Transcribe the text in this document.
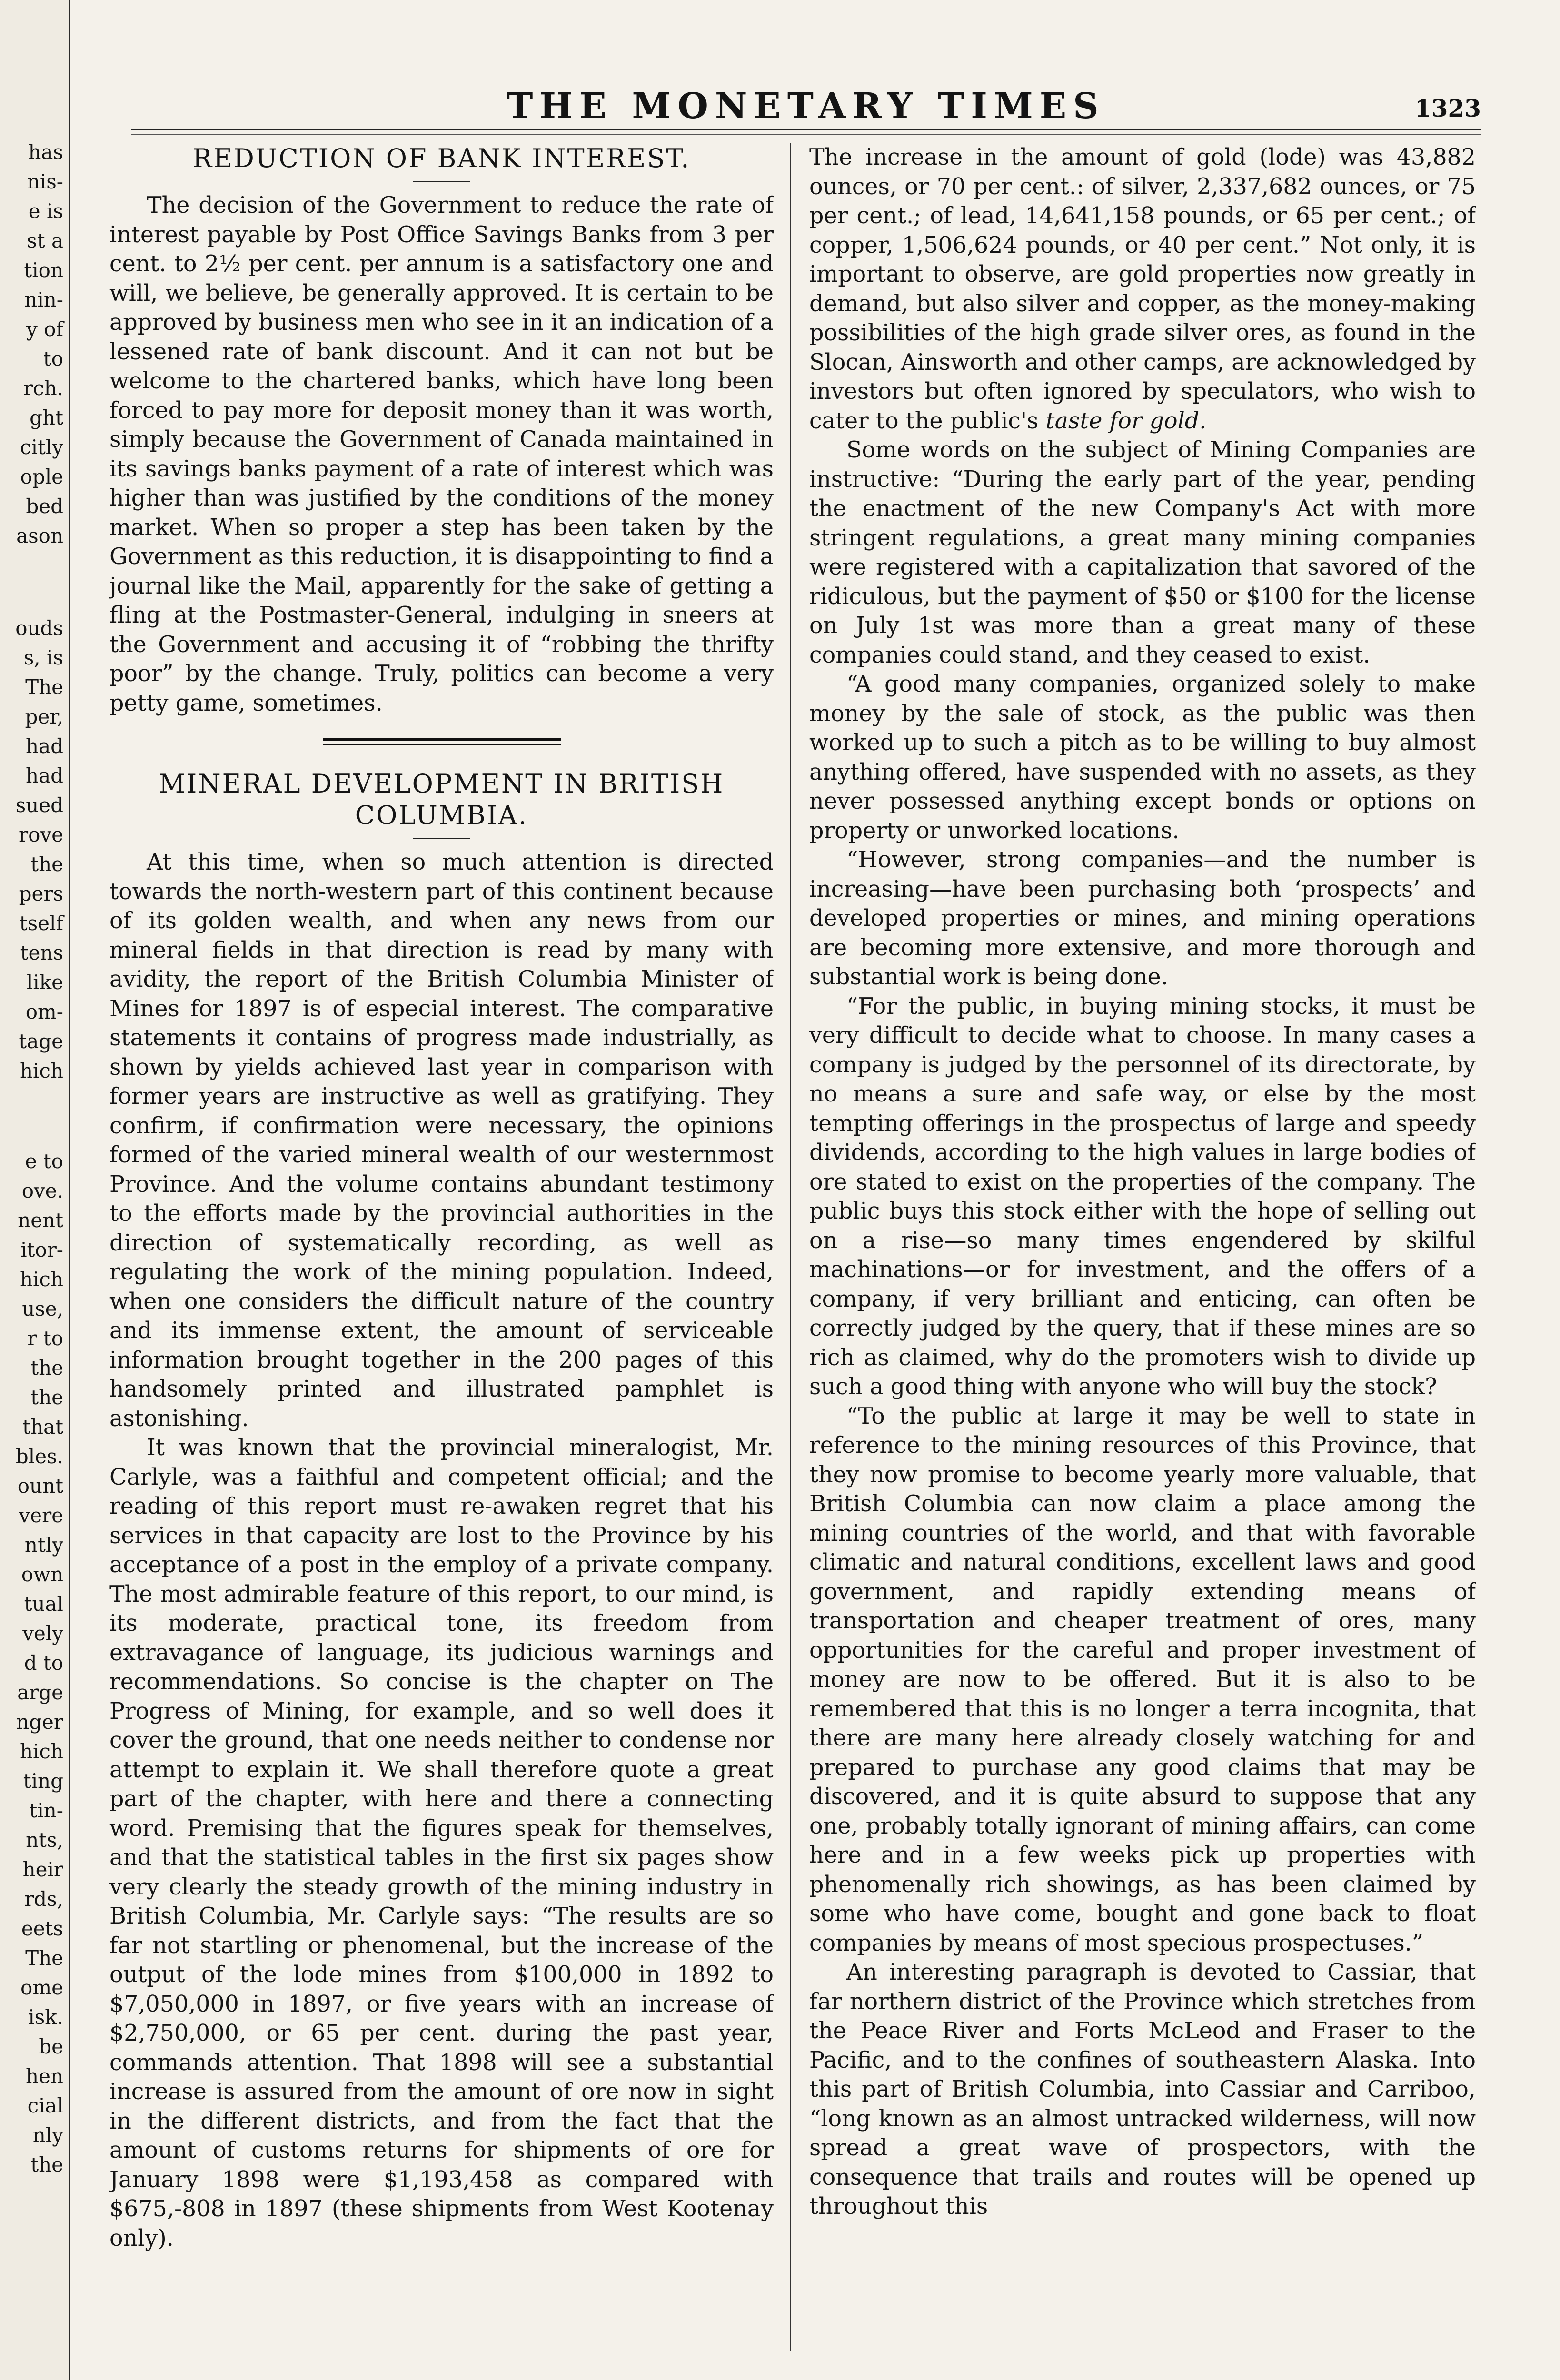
has
nis-
e is
st a
tion
nin-
y of
to
rch.
ght
citly
ople
bed
ason
ouds
s, is
The
per,
had
had
sued
rove
the
pers
tself
tens
like
om-
tage
hich
e to
ove.
nent
itor-
hich
use,
r to
the
the
that
bles.
ount
vere
ntly
own
tual
vely
d to
arge
nger
hich
ting
tin-
nts,
heir
rds,
eets
The
ome
isk.
be
hen
cial
nly
the
THE MONETARY TIMES	1323
REDUCTION OF BANK INTEREST.

The decision of the Government to reduce the rate of interest payable by Post Office Savings Banks from 3 per cent. to 2½ per cent. per annum is a satisfactory one and will, we believe, be generally approved. It is certain to be approved by business men who see in it an indication of a lessened rate of bank discount. And it can not but be welcome to the chartered banks, which have long been forced to pay more for deposit money than it was worth, simply because the Government of Canada maintained in its savings banks payment of a rate of interest which was higher than was justified by the conditions of the money market. When so proper a step has been taken by the Government as this reduction, it is disappointing to find a journal like the Mail, apparently for the sake of getting a fling at the Postmaster-General, indulging in sneers at the Government and accusing it of “robbing the thrifty poor” by the change. Truly, politics can become a very petty game, sometimes.

MINERAL DEVELOPMENT IN BRITISH
COLUMBIA.

At this time, when so much attention is directed towards the north-western part of this continent because of its golden wealth, and when any news from our mineral fields in that direction is read by many with avidity, the report of the British Columbia Minister of Mines for 1897 is of especial interest. The comparative statements it contains of progress made industrially, as shown by yields achieved last year in comparison with former years are instructive as well as gratifying. They confirm, if confirmation were necessary, the opinions formed of the varied mineral wealth of our westernmost Province. And the volume contains abundant testimony to the efforts made by the provincial authorities in the direction of systematically recording, as well as regulating the work of the mining population. Indeed, when one considers the difficult nature of the country and its immense extent, the amount of serviceable information brought together in the 200 pages of this handsomely printed and illustrated pamphlet is astonishing.

It was known that the provincial mineralogist, Mr. Carlyle, was a faithful and competent official; and the reading of this report must re-awaken regret that his services in that capacity are lost to the Province by his acceptance of a post in the employ of a private company. The most admirable feature of this report, to our mind, is its moderate, practical tone, its freedom from extravagance of language, its judicious warnings and recommendations. So concise is the chapter on The Progress of Mining, for example, and so well does it cover the ground, that one needs neither to condense nor attempt to explain it. We shall therefore quote a great part of the chapter, with here and there a connecting word. Premising that the figures speak for themselves, and that the statistical tables in the first six pages show very clearly the steady growth of the mining industry in British Columbia, Mr. Carlyle says: “The results are so far not startling or phenomenal, but the increase of the output of the lode mines from $100,000 in 1892 to $7,050,000 in 1897, or five years with an increase of $2,750,000, or 65 per cent. during the past year, commands attention. That 1898 will see a substantial increase is assured from the amount of ore now in sight in the different districts, and from the fact that the amount of customs returns for shipments of ore for January 1898 were $1,193,458 as compared with $675,-808 in 1897 (these shipments from West Kootenay only).

The increase in the amount of gold (lode) was 43,882 ounces, or 70 per cent.: of silver, 2,337,682 ounces, or 75 per cent.; of lead, 14,641,158 pounds, or 65 per cent.; of copper, 1,506,624 pounds, or 40 per cent.” Not only, it is important to observe, are gold properties now greatly in demand, but also silver and copper, as the money-making possibilities of the high grade silver ores, as found in the Slocan, Ainsworth and other camps, are acknowledged by investors but often ignored by speculators, who wish to cater to the public's taste for gold.

Some words on the subject of Mining Companies are instructive: “During the early part of the year, pending the enactment of the new Company's Act with more stringent regulations, a great many mining companies were registered with a capitalization that savored of the ridiculous, but the payment of $50 or $100 for the license on July 1st was more than a great many of these companies could stand, and they ceased to exist.

“A good many companies, organized solely to make money by the sale of stock, as the public was then worked up to such a pitch as to be willing to buy almost anything offered, have suspended with no assets, as they never possessed anything except bonds or options on property or unworked locations.

“However, strong companies—and the number is increasing—have been purchasing both ‘prospects’ and developed properties or mines, and mining operations are becoming more extensive, and more thorough and substantial work is being done.

“For the public, in buying mining stocks, it must be very difficult to decide what to choose. In many cases a company is judged by the personnel of its directorate, by no means a sure and safe way, or else by the most tempting offerings in the prospectus of large and speedy dividends, according to the high values in large bodies of ore stated to exist on the properties of the company. The public buys this stock either with the hope of selling out on a rise—so many times engendered by skilful machinations—or for investment, and the offers of a company, if very brilliant and enticing, can often be correctly judged by the query, that if these mines are so rich as claimed, why do the promoters wish to divide up such a good thing with anyone who will buy the stock?

“To the public at large it may be well to state in reference to the mining resources of this Province, that they now promise to become yearly more valuable, that British Columbia can now claim a place among the mining countries of the world, and that with favorable climatic and natural conditions, excellent laws and good government, and rapidly extending means of transportation and cheaper treatment of ores, many opportunities for the careful and proper investment of money are now to be offered. But it is also to be remembered that this is no longer a terra incognita, that there are many here already closely watching for and prepared to purchase any good claims that may be discovered, and it is quite absurd to suppose that any one, probably totally ignorant of mining affairs, can come here and in a few weeks pick up properties with phenomenally rich showings, as has been claimed by some who have come, bought and gone back to float companies by means of most specious prospectuses.”

An interesting paragraph is devoted to Cassiar, that far northern district of the Province which stretches from the Peace River and Forts McLeod and Fraser to the Pacific, and to the confines of southeastern Alaska. Into this part of British Columbia, into Cassiar and Carriboo, “long known as an almost untracked wilderness, will now spread a great wave of prospectors, with the consequence that trails and routes will be opened up throughout this
